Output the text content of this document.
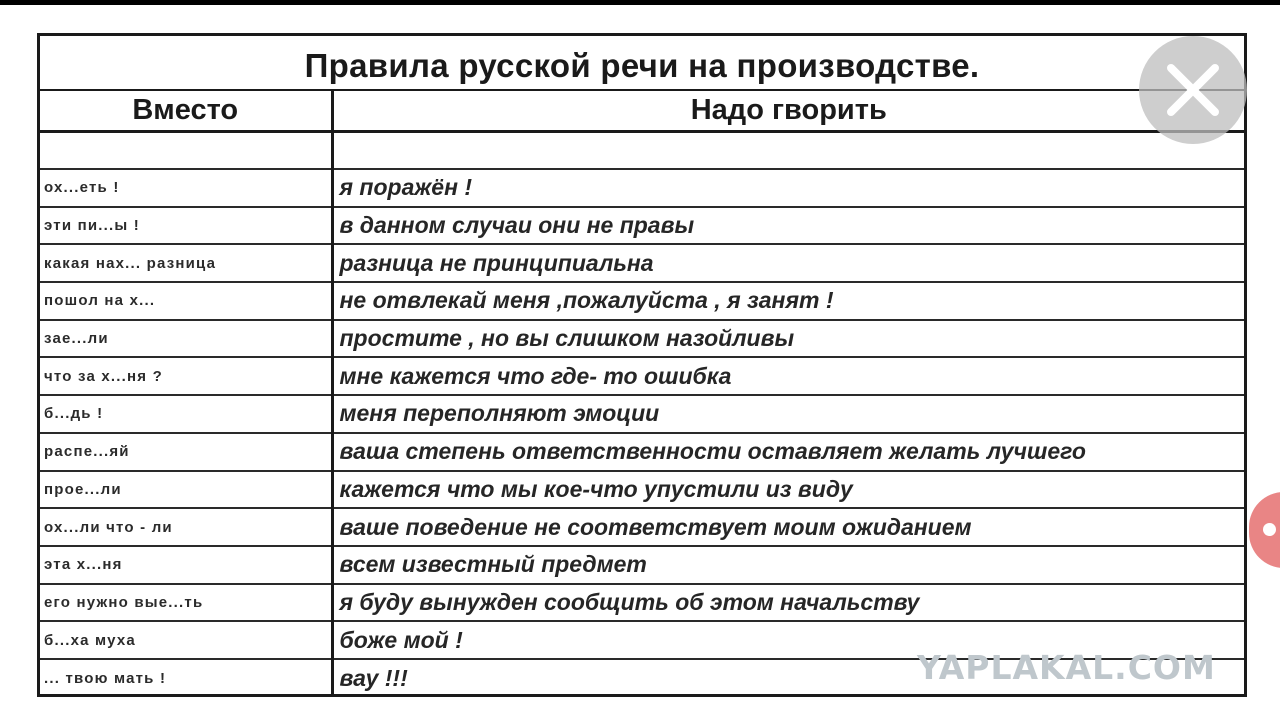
Правила русской речи на производстве.
Вместо	Надо гворить

ох...еть !	я поражён !
эти пи...ы !	в данном случаи они не правы
какая нах... разница	разница не принципиальна
пошол на х...	не отвлекай меня ,пожалуйста , я занят !
зае...ли	простите , но вы слишком назойливы
что за х...ня ?	мне кажется что где- то ошибка
б...дь !	меня переполняют эмоции
распе...яй	ваша степень ответственности оставляет желать лучшего
прое...ли	кажется что мы кое-что упустили из виду
ох...ли что - ли	ваше поведение не соответствует моим ожиданием
эта х...ня	всем известный предмет
его нужно вые...ть	я буду вынужден сообщить об этом начальству
б...ха муха	боже мой !
... твою мать !	вау !!!	YAPLAKAL.COM
